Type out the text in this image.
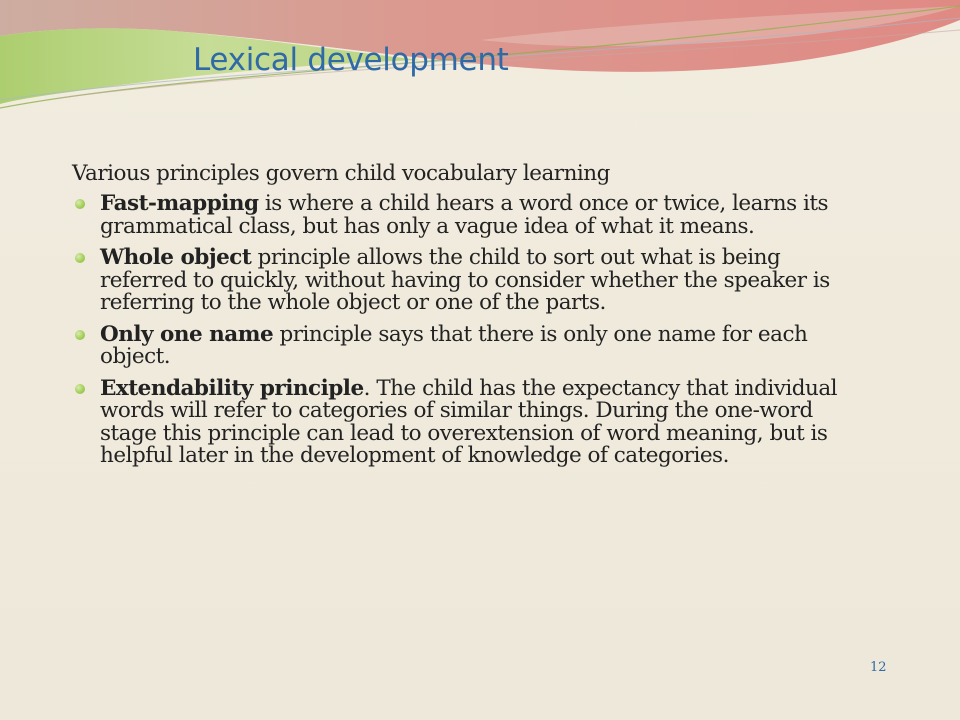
Lexical development
Various principles govern child vocabulary learning
Fast-mapping is where a child hears a word once or twice, learns its grammatical class, but has only a vague idea of what it means.
Whole object principle allows the child to sort out what is being referred to quickly, without having to consider whether the speaker is referring to the whole object or one of the parts.
Only one name principle says that there is only one name for each object.
Extendability principle. The child has the expectancy that individual words will refer to categories of similar things. During the one-word stage this principle can lead to overextension of word meaning, but is helpful later in the development of knowledge of categories.
12
